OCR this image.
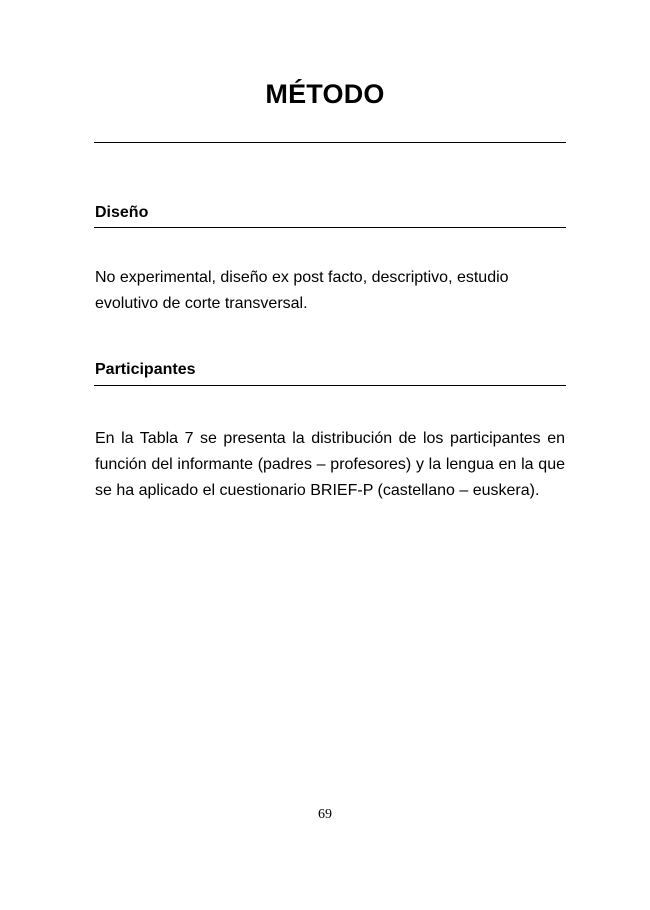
MÉTODO
Diseño
No experimental, diseño ex post facto, descriptivo, estudio evolutivo de corte transversal.
Participantes
En la Tabla 7 se presenta la distribución de los participantes en función del informante (padres – profesores) y la lengua en la que se ha aplicado el cuestionario BRIEF-P (castellano – euskera).
69
